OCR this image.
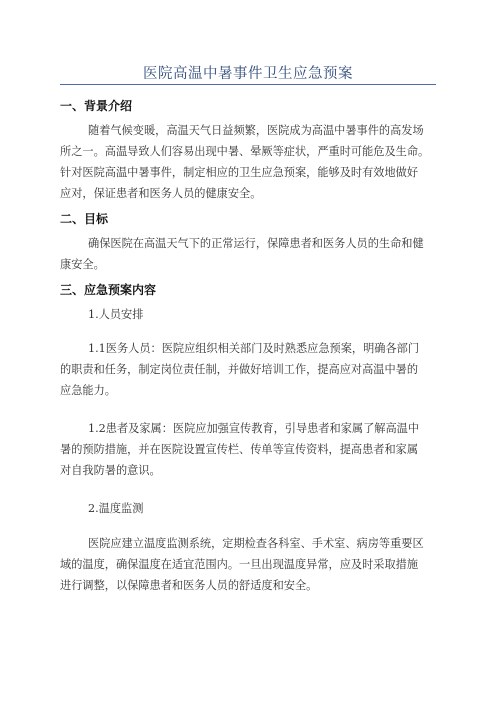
医院高温中暑事件卫生应急预案
一、背景介绍
随着气候变暖，高温天气日益频繁，医院成为高温中暑事件的高发场
所之一。高温导致人们容易出现中暑、晕厥等症状，严重时可能危及生命。
针对医院高温中暑事件，制定相应的卫生应急预案，能够及时有效地做好
应对，保证患者和医务人员的健康安全。
二、目标
确保医院在高温天气下的正常运行，保障患者和医务人员的生命和健
康安全。
三、应急预案内容
1.人员安排
1.1医务人员：医院应组织相关部门及时熟悉应急预案，明确各部门
的职责和任务，制定岗位责任制，并做好培训工作，提高应对高温中暑的
应急能力。
1.2患者及家属：医院应加强宣传教育，引导患者和家属了解高温中
暑的预防措施，并在医院设置宣传栏、传单等宣传资料，提高患者和家属
对自我防暑的意识。
2.温度监测
医院应建立温度监测系统，定期检查各科室、手术室、病房等重要区
域的温度，确保温度在适宜范围内。一旦出现温度异常，应及时采取措施
进行调整，以保障患者和医务人员的舒适度和安全。
